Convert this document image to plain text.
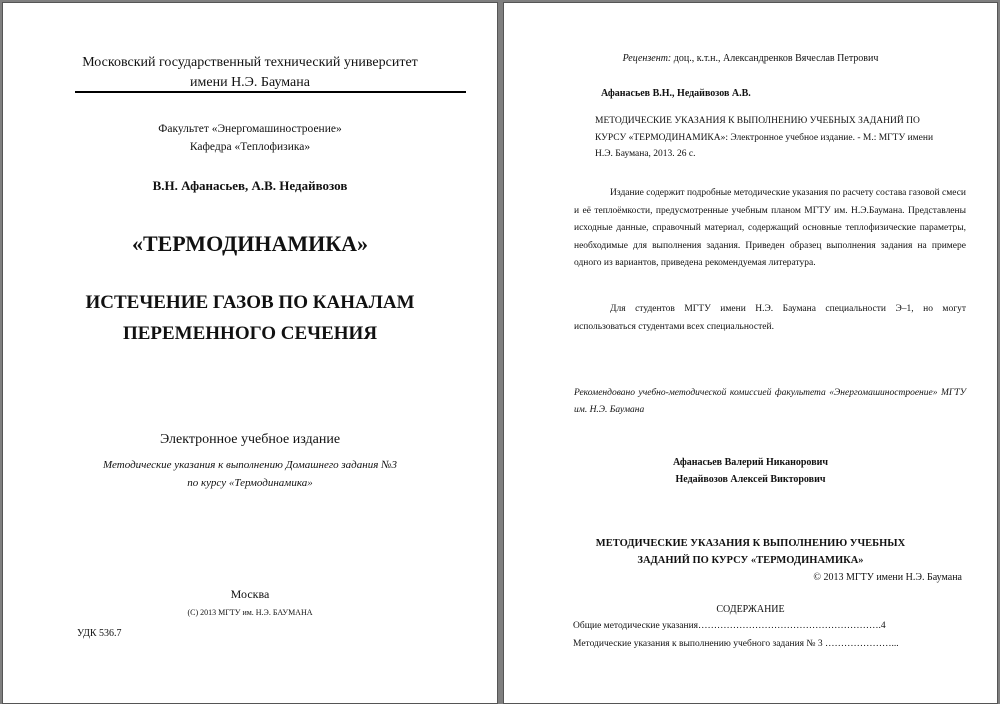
Московский государственный технический университет
имени Н.Э. Баумана
Факультет «Энергомашиностроение»
Кафедра «Теплофизика»
В.Н. Афанасьев, А.В. Недайвозов
«ТЕРМОДИНАМИКА»
ИСТЕЧЕНИЕ ГАЗОВ ПО КАНАЛАМ
ПЕРЕМЕННОГО СЕЧЕНИЯ
Электронное учебное издание
Методические указания к выполнению Домашнего задания №3
по курсу «Термодинамика»
Москва
(С) 2013 МГТУ им. Н.Э. БАУМАНА
УДК 536.7
Рецензент: доц., к.т.н., Александренков Вячеслав Петрович
Афанасьев В.Н., Недайвозов А.В.
МЕТОДИЧЕСКИЕ УКАЗАНИЯ К ВЫПОЛНЕНИЮ УЧЕБНЫХ ЗАДАНИЙ ПО
КУРСУ «ТЕРМОДИНАМИКА»: Электронное учебное издание. - М.: МГТУ имени
Н.Э. Баумана, 2013. 26 с.
Издание содержит подробные методические указания по расчету состава газовой смеси и её теплоёмкости, предусмотренные учебным планом МГТУ им. Н.Э.Баумана. Представлены исходные данные, справочный материал, содержащий основные теплофизические параметры, необходимые для выполнения задания. Приведен образец выполнения задания на примере одного из вариантов, приведена рекомендуемая литература.
Для студентов МГТУ имени Н.Э. Баумана специальности Э–1, но могут использоваться студентами всех специальностей.
Рекомендовано учебно-методической комиссией факультета «Энергомашиностроение» МГТУ им. Н.Э. Баумана
Афанасьев Валерий Никанорович
Недайвозов Алексей Викторович
МЕТОДИЧЕСКИЕ УКАЗАНИЯ К ВЫПОЛНЕНИЮ УЧЕБНЫХ
ЗАДАНИЙ ПО КУРСУ «ТЕРМОДИНАМИКА»
© 2013 МГТУ имени Н.Э. Баумана
СОДЕРЖАНИЕ
Общие методические указания………………………………………………….4
Методические указания к выполнению учебного задания № 3 …………………...
